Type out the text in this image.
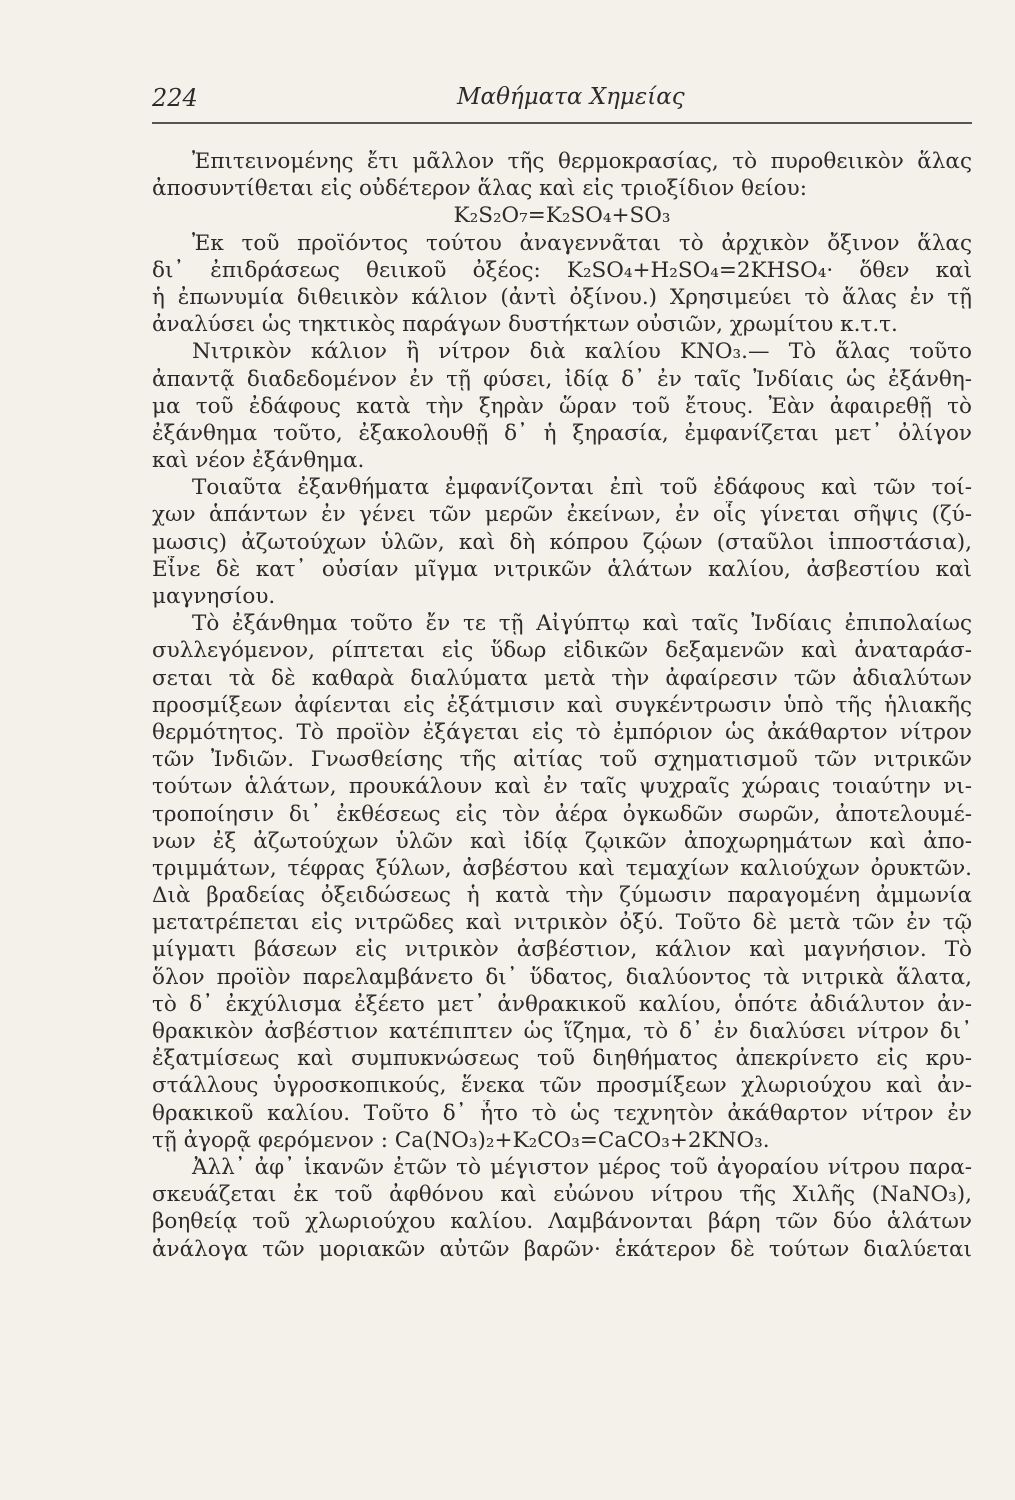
224	Μαθήματα Χημείας
Ἐπιτεινομένης ἔτι μᾶλλον τῆς θερμοκρασίας, τὸ πυροθειικὸν ἅλας
ἀποσυντίθεται εἰς οὐδέτερον ἅλας καὶ εἰς τριοξίδιον θείου:
K₂S₂O₇=K₂SO₄+SO₃
Ἐκ τοῦ προϊόντος τούτου ἀναγεννᾶται τὸ ἀρχικὸν ὄξινον ἅλας
δι᾽ ἐπιδράσεως θειικοῦ ὀξέος: K₂SO₄+H₂SO₄=2KHSO₄· ὅθεν καὶ
ἡ ἐπωνυμία διθειικὸν κάλιον (ἀντὶ ὀξίνου.) Χρησιμεύει τὸ ἅλας ἐν τῇ
ἀναλύσει ὡς τηκτικὸς παράγων δυστήκτων οὐσιῶν, χρωμίτου κ.τ.τ.
Νιτρικὸν κάλιον ἢ νίτρον διὰ καλίου KNO₃.— Τὸ ἅλας τοῦτο
ἀπαντᾷ διαδεδομένον ἐν τῇ φύσει, ἰδίᾳ δ᾽ ἐν ταῖς Ἰνδίαις ὡς ἐξάνθη-
μα τοῦ ἐδάφους κατὰ τὴν ξηρὰν ὥραν τοῦ ἔτους. Ἐὰν ἀφαιρεθῇ τὸ
ἐξάνθημα τοῦτο, ἐξακολουθῇ δ᾽ ἡ ξηρασία, ἐμφανίζεται μετ᾽ ὀλίγον
καὶ νέον ἐξάνθημα.
Τοιαῦτα ἐξανθήματα ἐμφανίζονται ἐπὶ τοῦ ἐδάφους καὶ τῶν τοί-
χων ἁπάντων ἐν γένει τῶν μερῶν ἐκείνων, ἐν οἷς γίνεται σῆψις (ζύ-
μωσις) ἀζωτούχων ὑλῶν, καὶ δὴ κόπρου ζῴων (σταῦλοι ἱπποστάσια),
Εἶνε δὲ κατ᾽ οὐσίαν μῖγμα νιτρικῶν ἁλάτων καλίου, ἀσβεστίου καὶ
μαγνησίου.
Τὸ ἐξάνθημα τοῦτο ἔν τε τῇ Αἰγύπτῳ καὶ ταῖς Ἰνδίαις ἐπιπολαίως
συλλεγόμενον, ρίπτεται εἰς ὕδωρ εἰδικῶν δεξαμενῶν καὶ ἀναταράσ-
σεται τὰ δὲ καθαρὰ διαλύματα μετὰ τὴν ἀφαίρεσιν τῶν ἀδιαλύτων
προσμίξεων ἀφίενται εἰς ἐξάτμισιν καὶ συγκέντρωσιν ὑπὸ τῆς ἡλιακῆς
θερμότητος. Τὸ προϊὸν ἐξάγεται εἰς τὸ ἐμπόριον ὡς ἀκάθαρτον νίτρον
τῶν Ἰνδιῶν. Γνωσθείσης τῆς αἰτίας τοῦ σχηματισμοῦ τῶν νιτρικῶν
τούτων ἁλάτων, προυκάλουν καὶ ἐν ταῖς ψυχραῖς χώραις τοιαύτην νι-
τροποίησιν δι᾽ ἐκθέσεως εἰς τὸν ἀέρα ὀγκωδῶν σωρῶν, ἀποτελουμέ-
νων ἐξ ἀζωτούχων ὑλῶν καὶ ἰδίᾳ ζῳικῶν ἀποχωρημάτων καὶ ἀπο-
τριμμάτων, τέφρας ξύλων, ἀσβέστου καὶ τεμαχίων καλιούχων ὀρυκτῶν.
Διὰ βραδείας ὀξειδώσεως ἡ κατὰ τὴν ζύμωσιν παραγομένη ἀμμωνία
μετατρέπεται εἰς νιτρῶδες καὶ νιτρικὸν ὀξύ. Τοῦτο δὲ μετὰ τῶν ἐν τῷ
μίγματι βάσεων εἰς νιτρικὸν ἀσβέστιον, κάλιον καὶ μαγνήσιον. Τὸ
ὅλον προϊὸν παρελαμβάνετο δι᾽ ὕδατος, διαλύοντος τὰ νιτρικὰ ἅλατα,
τὸ δ᾽ ἐκχύλισμα ἐξέετο μετ᾽ ἀνθρακικοῦ καλίου, ὁπότε ἀδιάλυτον ἀν-
θρακικὸν ἀσβέστιον κατέπιπτεν ὡς ἵζημα, τὸ δ᾽ ἐν διαλύσει νίτρον δι᾽
ἐξατμίσεως καὶ συμπυκνώσεως τοῦ διηθήματος ἀπεκρίνετο εἰς κρυ-
στάλλους ὑγροσκοπικούς, ἕνεκα τῶν προσμίξεων χλωριούχου καὶ ἀν-
θρακικοῦ καλίου. Τοῦτο δ᾽ ἦτο τὸ ὡς τεχνητὸν ἀκάθαρτον νίτρον ἐν
τῇ ἀγορᾷ φερόμενον : Ca(NO₃)₂+K₂CO₃=CaCO₃+2KNO₃.
Ἀλλ᾽ ἀφ᾽ ἱκανῶν ἐτῶν τὸ μέγιστον μέρος τοῦ ἀγοραίου νίτρου παρα-
σκευάζεται ἐκ τοῦ ἀφθόνου καὶ εὐώνου νίτρου τῆς Χιλῆς (NaNO₃),
βοηθείᾳ τοῦ χλωριούχου καλίου. Λαμβάνονται βάρη τῶν δύο ἁλάτων
ἀνάλογα τῶν μοριακῶν αὐτῶν βαρῶν· ἑκάτερον δὲ τούτων διαλύεται
